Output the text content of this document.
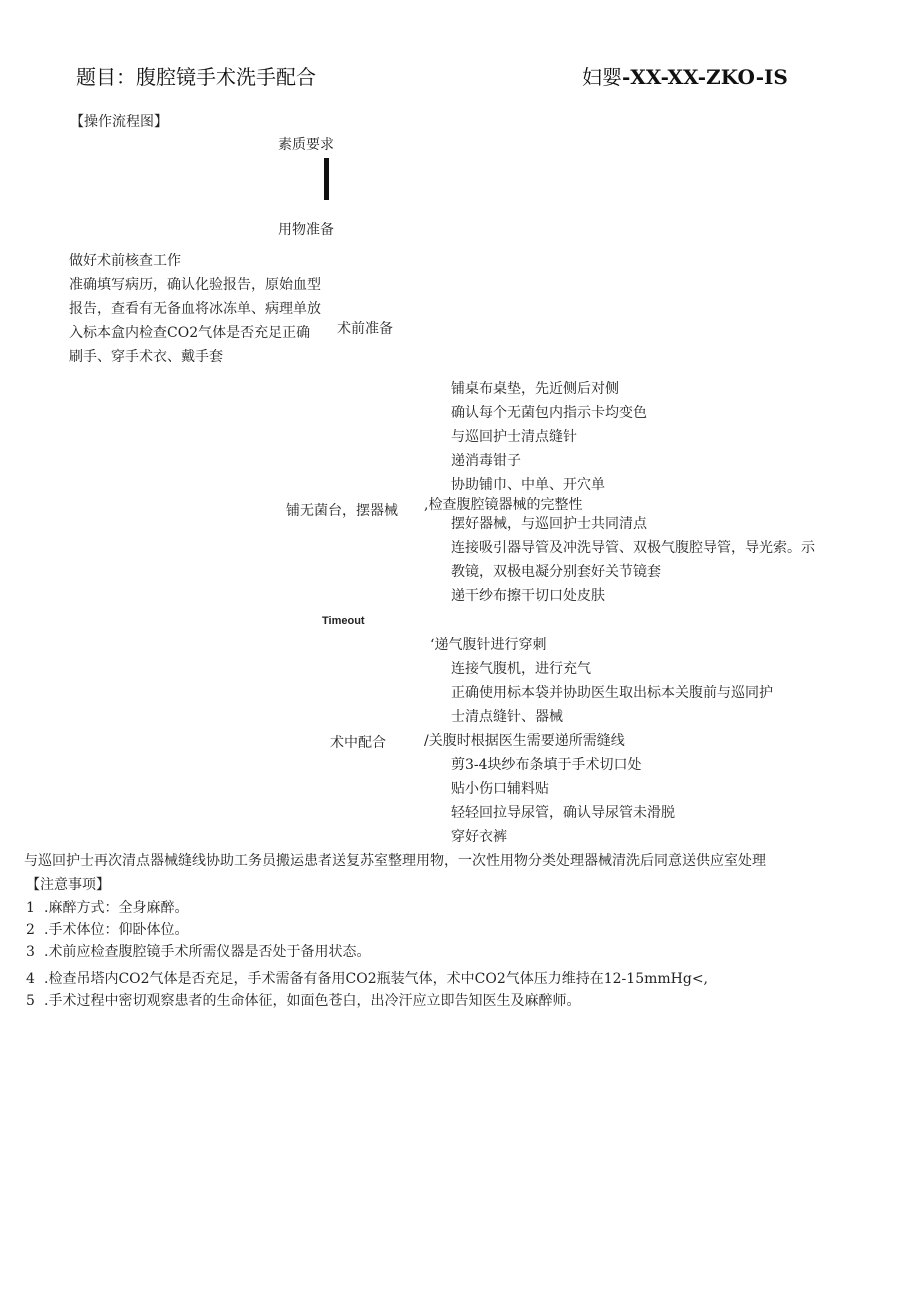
题目：腹腔镜手术洗手配合	妇婴-XX-XX-ZKO-IS
【操作流程图】
素质要求
用物准备
做好术前核查工作
准确填写病历，确认化验报告，原始血型
报告，查看有无备血将冰冻单、病理单放
入标本盒内检查CO2气体是否充足正确
刷手、穿手术衣、戴手套
术前准备
铺无菌台，摆器械
铺桌布桌垫，先近侧后对侧
确认每个无菌包内指示卡均变色
与巡回护士清点缝针
递消毒钳子
协助铺巾、中单、开穴单
,检查腹腔镜器械的完整性
摆好器械，与巡回护士共同清点
连接吸引器导管及冲洗导管、双极气腹腔导管，导光索。示
教镜，双极电凝分别套好关节镜套
递干纱布擦干切口处皮肤
Timeout
术中配合
‘递气腹针进行穿刺
连接气腹机，进行充气
正确使用标本袋并协助医生取出标本关腹前与巡同护
士清点缝针、器械
/关腹时根据医生需要递所需缝线
剪3-4块纱布条填于手术切口处
贴小伤口辅料贴
轻轻回拉导尿管，确认导尿管未滑脱
穿好衣裤
与巡回护士再次清点器械缝线协助工务员搬运患者送复苏室整理用物，一次性用物分类处理器械清洗后同意送供应室处理
【注意事项】
1 .麻醉方式：全身麻醉。
2 .手术体位：仰卧体位。
3 .术前应检查腹腔镜手术所需仪器是否处于备用状态。
4 .检查吊塔内CO2气体是否充足，手术需备有备用CO2瓶装气体，术中CO2气体压力维持在12-15mmHg<,
5 .手术过程中密切观察患者的生命体征，如面色苍白，出冷汗应立即告知医生及麻醉师。
